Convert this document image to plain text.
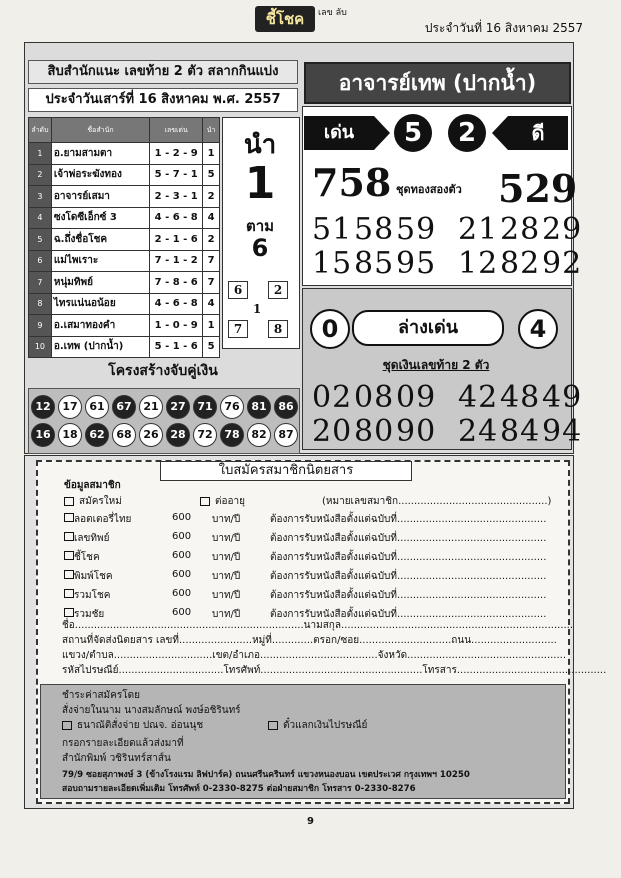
ชี้โชค	เลข ลับ
ประจำวันที่ 16 สิงหาคม 2557
สิบสำนักแนะ เลขท้าย 2 ตัว สลากกินแบ่ง
ประจำวันเสาร์ที่ 16 สิงหาคม พ.ศ. 2557
ลำดับ	ชื่อสำนัก	เลขเด่น	นำ
1	อ.ยามสามตา	1 - 2 - 9	1
2	เจ้าพ่อระฆังทอง	5 - 7 - 1	5
3	อาจารย์เสมา	2 - 3 - 1	2
4	ซงโดซีเอ็กซ์ 3	4 - 6 - 8	4
5	ฉ.ถึ่งชื่อโชค	2 - 1 - 6	2
6	แม่ไพเราะ	7 - 1 - 2	7
7	หนุ่มทิพย์	7 - 8 - 6	7
8	ไทรแน่นอน้อย	4 - 6 - 8	4
9	อ.เสมาทองคำ	1 - 0 - 9	1
10	อ.เทพ (ปากน้ำ)	5 - 1 - 6	5
นำ
1
ตาม
6
6	2
1
7	8
โครงสร้างจับคู่เงิน
12 17 61 67 21 27 71 76 81 86
16 18 62 68 26 28 72 78 82 87
อาจารย์เทพ (ปากน้ำ)
เด่น	5	2	ดี
758 ชุดทองสองตัว 529
51 58 59 21 28 29
15 85 95 12 82 92
0	ล่างเด่น	4
ชุดเงินเลขท้าย 2 ตัว
02 08 09 42 48 49
20 80 90 24 84 94
ใบสมัครสมาชิกนิตยสาร
ข้อมูลสมาชิก
สมัครใหม่	ต่ออายุ	(หมายเลขสมาชิก...............................................)
ลอตเตอรี่ไทย	600 บาท/ปี	ต้องการรับหนังสือตั้งแต่ฉบับที่...............................................
เลขทิพย์	600 บาท/ปี	ต้องการรับหนังสือตั้งแต่ฉบับที่...............................................
ชี้โชค	600 บาท/ปี	ต้องการรับหนังสือตั้งแต่ฉบับที่...............................................
พิมพ์โชค	600 บาท/ปี	ต้องการรับหนังสือตั้งแต่ฉบับที่...............................................
รวมโชค	600 บาท/ปี	ต้องการรับหนังสือตั้งแต่ฉบับที่...............................................
รวมชัย	600 บาท/ปี	ต้องการรับหนังสือตั้งแต่ฉบับที่...............................................
ชื่อ........................................................................นามสกุล.........................................................................
สถานที่จัดส่งนิตยสาร เลขที่.......................หมู่ที่.............ตรอก/ซอย.............................ถนน...........................
แขวง/ตำบล...............................เขต/อำเภอ.....................................จังหวัด..................................................
รหัสไปรษณีย์.................................โทรศัพท์...................................................โทรสาร...............................................
ชำระค่าสมัครโดย
สั่งจ่ายในนาม นางสมลักษณ์ พงษ์อชิรินทร์
ธนาณัติสั่งจ่าย ปณจ. อ่อนนุช	ตั๋วแลกเงินไปรษณีย์
กรอกรายละเอียดแล้วส่งมาที่
สำนักพิมพ์ วชิรินทร์สาส์น
79/9 ซอยสุภาพงษ์ 3 (ข้างโรงแรม ลิฟปาร์ค) ถนนศรีนครินทร์ แขวงหนองบอน เขตประเวศ กรุงเทพฯ 10250
สอบถามรายละเอียดเพิ่มเติม โทรศัพท์ 0-2330-8275 ต่อฝ่ายสมาชิก โทรสาร 0-2330-8276
9
